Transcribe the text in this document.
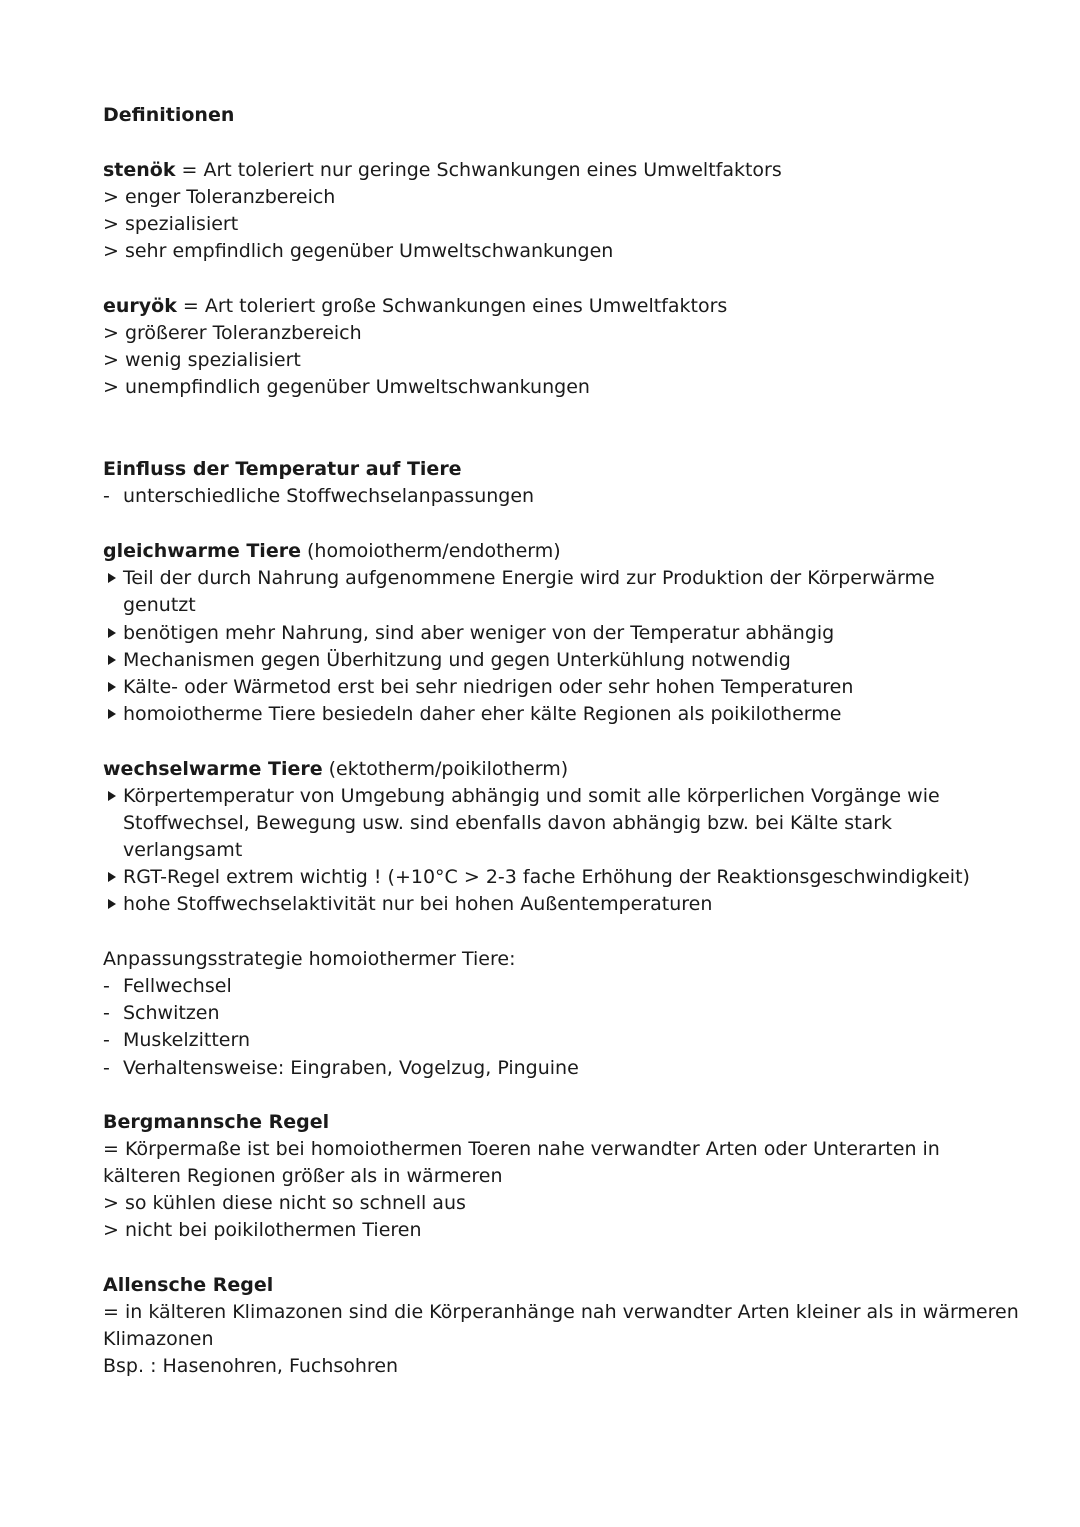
Definitionen

stenök = Art toleriert nur geringe Schwankungen eines Umweltfaktors

> enger Toleranzbereich

> spezialisiert

> sehr empfindlich gegenüber Umweltschwankungen

euryök = Art toleriert große Schwankungen eines Umweltfaktors

> größerer Toleranzbereich

> wenig spezialisiert

> unempfindlich gegenüber Umweltschwankungen

Einfluss der Temperatur auf Tiere

- unterschiedliche Stoffwechselanpassungen

gleichwarme Tiere (homoiotherm/endotherm)

Teil der durch Nahrung aufgenommene Energie wird zur Produktion der Körperwärme

genutzt

benötigen mehr Nahrung, sind aber weniger von der Temperatur abhängig

Mechanismen gegen Überhitzung und gegen Unterkühlung notwendig

Kälte- oder Wärmetod erst bei sehr niedrigen oder sehr hohen Temperaturen

homoiotherme Tiere besiedeln daher eher kälte Regionen als poikilotherme

wechselwarme Tiere (ektotherm/poikilotherm)

Körpertemperatur von Umgebung abhängig und somit alle körperlichen Vorgänge wie

Stoffwechsel, Bewegung usw. sind ebenfalls davon abhängig bzw. bei Kälte stark

verlangsamt

RGT-Regel extrem wichtig ! (+10°C > 2-3 fache Erhöhung der Reaktionsgeschwindigkeit)

hohe Stoffwechselaktivität nur bei hohen Außentemperaturen

Anpassungsstrategie homoiothermer Tiere:

- Fellwechsel

- Schwitzen

- Muskelzittern

- Verhaltensweise: Eingraben, Vogelzug, Pinguine

Bergmannsche Regel

= Körpermaße ist bei homoiothermen Toeren nahe verwandter Arten oder Unterarten in

kälteren Regionen größer als in wärmeren

> so kühlen diese nicht so schnell aus

> nicht bei poikilothermen Tieren

Allensche Regel

= in kälteren Klimazonen sind die Körperanhänge nah verwandter Arten kleiner als in wärmeren

Klimazonen

Bsp. : Hasenohren, Fuchsohren
